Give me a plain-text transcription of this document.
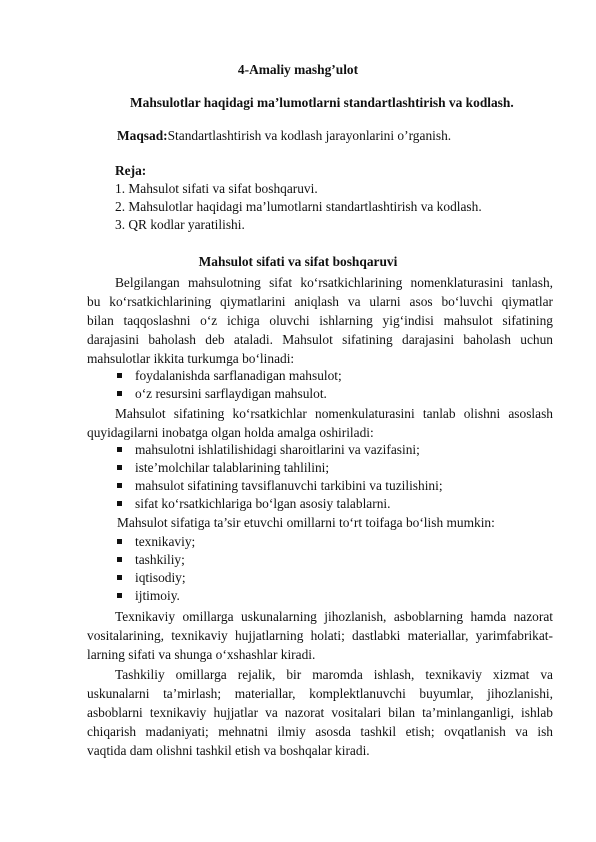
4-Amaliy mashg’ulot
Mahsulotlar haqidagi ma’lumotlarni standartlashtirish va kodlash.
Maqsad:Standartlashtirish va kodlash jarayonlarini o’rganish.
Reja:
1. Mahsulot sifati va sifat boshqaruvi.
2. Mahsulotlar haqidagi ma’lumotlarni standartlashtirish va kodlash.
3. QR kodlar yaratilishi.
Mahsulot sifati va sifat boshqaruvi
Belgilangan mahsulotning sifat ko‘rsatkichlarining nomenklaturasini tanlash,
bu ko‘rsatkichlarining qiymatlarini aniqlash va ularni asos bo‘luvchi qiymatlar
bilan taqqoslashni o‘z ichiga oluvchi ishlarning yig‘indisi mahsulot sifatining
darajasini baholash deb ataladi. Mahsulot sifatining darajasini baholash uchun
mahsulotlar ikkita turkumga bo‘linadi:
foydalanishda sarflanadigan mahsulot;
o‘z resursini sarflaydigan mahsulot.
Mahsulot sifatining ko‘rsatkichlar nomenkulaturasini tanlab olishni asoslash
quyidagilarni inobatga olgan holda amalga oshiriladi:
mahsulotni ishlatilishidagi sharoitlarini va vazifasini;
iste’molchilar talablarining tahlilini;
mahsulot sifatining tavsiflanuvchi tarkibini va tuzilishini;
sifat ko‘rsatkichlariga bo‘lgan asosiy talablarni.
Mahsulot sifatiga ta’sir etuvchi omillarni to‘rt toifaga bo‘lish mumkin:
texnikaviy;
tashkiliy;
iqtisodiy;
ijtimoiy.
Texnikaviy omillarga uskunalarning jihozlanish, asboblarning hamda nazorat
vositalarining, texnikaviy hujjatlarning holati; dastlabki materiallar, yarimfabrikat-
larning sifati va shunga o‘xshashlar kiradi.
Tashkiliy omillarga rejalik, bir maromda ishlash, texnikaviy xizmat va
uskunalarni ta’mirlash; materiallar, komplektlanuvchi buyumlar, jihozlanishi,
asboblarni texnikaviy hujjatlar va nazorat vositalari bilan ta’minlanganligi, ishlab
chiqarish madaniyati; mehnatni ilmiy asosda tashkil etish; ovqatlanish va ish
vaqtida dam olishni tashkil etish va boshqalar kiradi.
